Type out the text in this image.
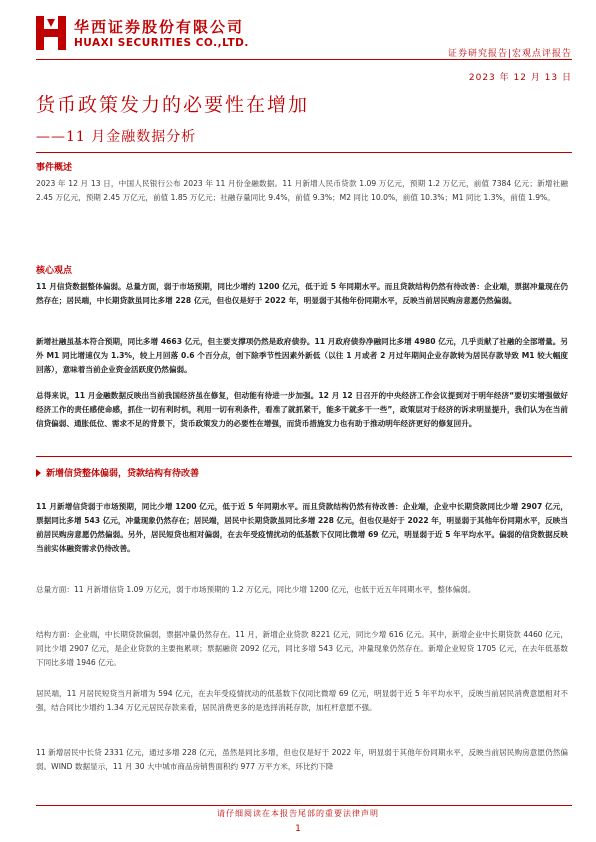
华西证券股份有限公司
HUAXI SECURITIES CO.,LTD.
证券研究报告|宏观点评报告
2023 年 12 月 13 日
货币政策发力的必要性在增加
——11 月金融数据分析
事件概述

2023 年 12 月 13 日，中国人民银行公布 2023 年 11 月份金融数据。11 月新增人民币贷款 1.09 万亿元，预期 1.2 万亿元，前值 7384 亿元；新增社融 2.45 万亿元，预期 2.45 万亿元，前值 1.85 万亿元；社融存量同比 9.4%，前值 9.3%；M2 同比 10.0%，前值 10.3%；M1 同比 1.3%，前值 1.9%。

核心观点

11 月信贷数据整体偏弱。总量方面，弱于市场预期，同比少增约 1200 亿元，低于近 5 年同期水平。而且贷款结构仍然有待改善：企业端，票据冲量现在仍然存在；居民端，中长期贷款虽同比多增 228 亿元，但也仅是好于 2022 年，明显弱于其他年份同期水平，反映当前居民购房意愿仍然偏弱。

新增社融虽基本符合预期，同比多增 4663 亿元，但主要支撑项仍然是政府债券。11 月政府债券净融同比多增 4980 亿元，几乎贡献了社融的全部增量。另外 M1 同比增速仅为 1.3%，较上月回落 0.6 个百分点，创下除季节性因素外新低（以往 1 月或者 2 月过年期间企业存款转为居民存款导致 M1 较大幅度回落），意味着当前企业资金活跃度仍然偏弱。

总得来说，11 月金融数据反映出当前我国经济虽在修复，但动能有待进一步加强。12 月 12 日召开的中央经济工作会议提到对于明年经济“要切实增强做好经济工作的责任感使命感，抓住一切有利时机，利用一切有利条件，看准了就抓紧干，能多干就多干一些”，政策层对于经济的诉求明显提升，我们认为在当前信贷偏弱、通胀低位、需求不足的背景下，货币政策发力的必要性在增强，而货币措施发力也有助于推动明年经济更好的修复回升。

新增信贷整体偏弱，贷款结构有待改善

11 月新增信贷弱于市场预期，同比少增 1200 亿元，低于近 5 年同期水平。而且贷款结构仍然有待改善：企业端，企业中长期贷款同比少增 2907 亿元，票据同比多增 543 亿元，冲量现象仍然存在；居民端，居民中长期贷款虽同比多增 228 亿元，但也仅是好于 2022 年，明显弱于其他年份同期水平，反映当前居民购房意愿仍然偏弱。另外，居民短贷也相对偏弱，在去年受疫情扰动的低基数下仅同比微增 69 亿元，明显弱于近 5 年平均水平。偏弱的信贷数据反映当前实体融资需求仍待改善。

总量方面：11 月新增信贷 1.09 万亿元，弱于市场预期的 1.2 万亿元，同比少增 1200 亿元，也低于近五年同期水平，整体偏弱。

结构方面：企业端，中长期贷款偏弱，票据冲量仍然存在。11 月，新增企业贷款 8221 亿元，同比少增 616 亿元。其中，新增企业中长期贷款 4460 亿元，同比少增 2907 亿元，是企业贷款的主要拖累项；票据融资 2092 亿元，同比多增 543 亿元，冲量现象仍然存在。新增企业短贷 1705 亿元，在去年低基数下同比多增 1946 亿元。

居民端，11 月居民短贷当月新增为 594 亿元，在去年受疫情扰动的低基数下仅同比微增 69 亿元，明显弱于近 5 年平均水平，反映当前居民消费意愿相对不强，结合同比少增约 1.34 万亿元居民存款来看，居民消费更多的是选择消耗存款，加杠杆意愿不强。

11 新增居民中长贷 2331 亿元，通过多增 228 亿元，虽然是同比多增，但也仅是好于 2022 年，明显弱于其他年份同期水平，反映当前居民购房意愿仍然偏弱。WIND 数据显示，11 月 30 大中城市商品房销售面积约 977 万平方米，环比约下降

请仔细阅读在本报告尾部的重要法律声明
1
